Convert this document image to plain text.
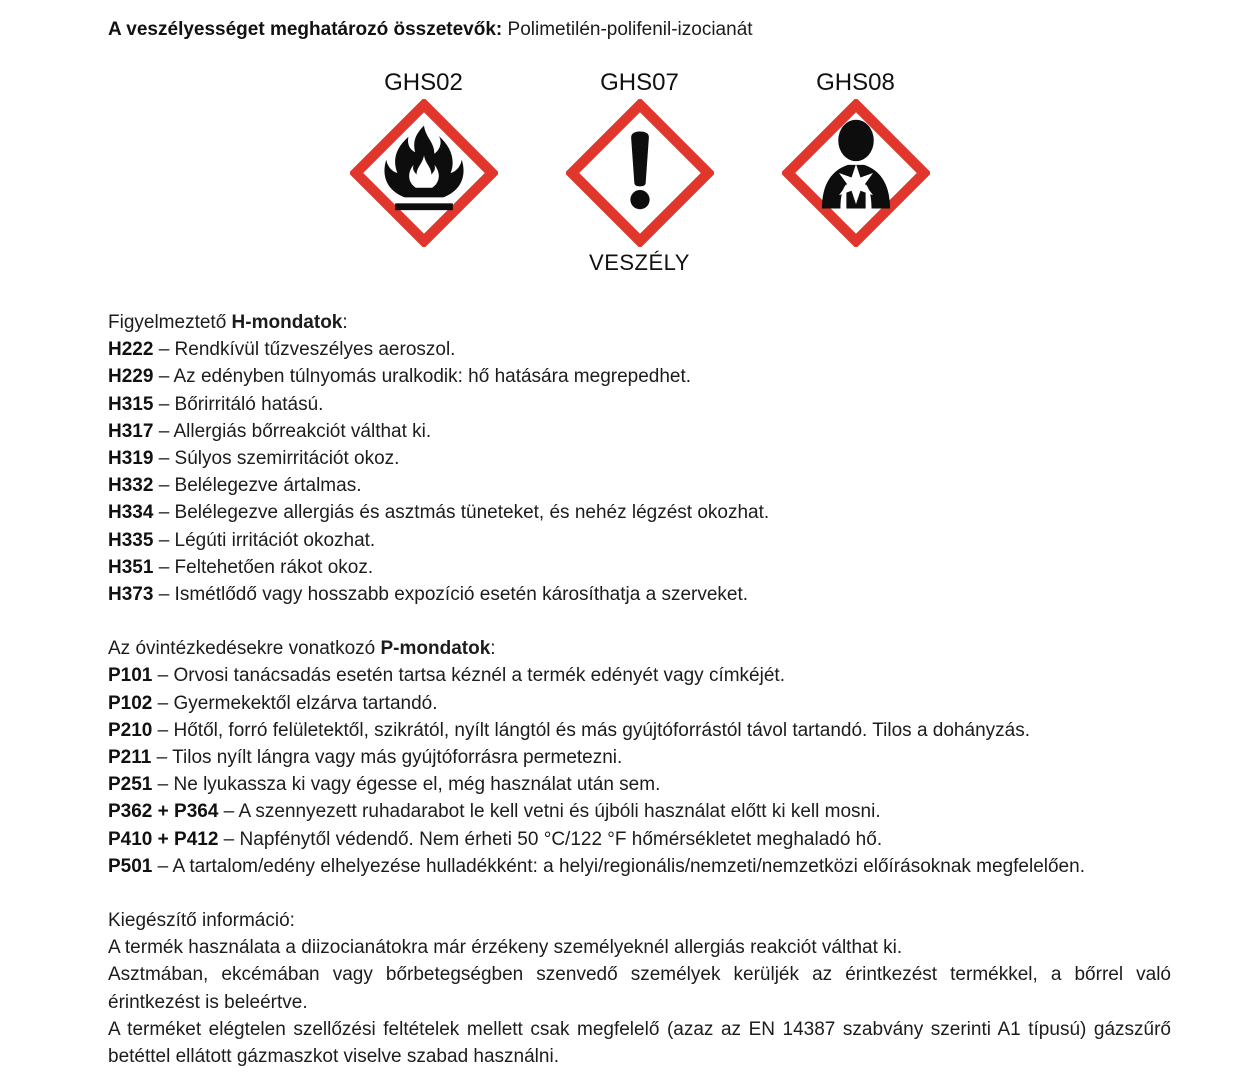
A veszélyességet meghatározó összetevők: Polimetilén-polifenil-izocianát

GHS02	GHS07
VESZÉLY
GHS08

Figyelmeztető H-mondatok:

H222 – Rendkívül tűzveszélyes aeroszol.

H229 – Az edényben túlnyomás uralkodik: hő hatására megrepedhet.

H315 – Bőrirritáló hatású.

H317 – Allergiás bőrreakciót válthat ki.

H319 – Súlyos szemirritációt okoz.

H332 – Belélegezve ártalmas.

H334 – Belélegezve allergiás és asztmás tüneteket, és nehéz légzést okozhat.

H335 – Légúti irritációt okozhat.

H351 – Feltehetően rákot okoz.

H373 – Ismétlődő vagy hosszabb expozíció esetén károsíthatja a szerveket.

Az óvintézkedésekre vonatkozó P-mondatok:

P101 – Orvosi tanácsadás esetén tartsa kéznél a termék edényét vagy címkéjét.

P102 – Gyermekektől elzárva tartandó.

P210 – Hőtől, forró felületektől, szikrától, nyílt lángtól és más gyújtóforrástól távol tartandó. Tilos a dohányzás.

P211 – Tilos nyílt lángra vagy más gyújtóforrásra permetezni.

P251 – Ne lyukassza ki vagy égesse el, még használat után sem.

P362 + P364 – A szennyezett ruhadarabot le kell vetni és újbóli használat előtt ki kell mosni.

P410 + P412 – Napfénytől védendő. Nem érheti 50 °C/122 °F hőmérsékletet meghaladó hő.

P501 – A tartalom/edény elhelyezése hulladékként: a helyi/regionális/nemzeti/nemzetközi előírásoknak megfelelően.

Kiegészítő információ:

A termék használata a diizocianátokra már érzékeny személyeknél allergiás reakciót válthat ki.

Asztmában, ekcémában vagy bőrbetegségben szenvedő személyek kerüljék az érintkezést termékkel, a bőrrel való érintkezést is beleértve.

A terméket elégtelen szellőzési feltételek mellett csak megfelelő (azaz az EN 14387 szabvány szerinti A1 típusú) gázszűrő betéttel ellátott gázmaszkot viselve szabad használni.
